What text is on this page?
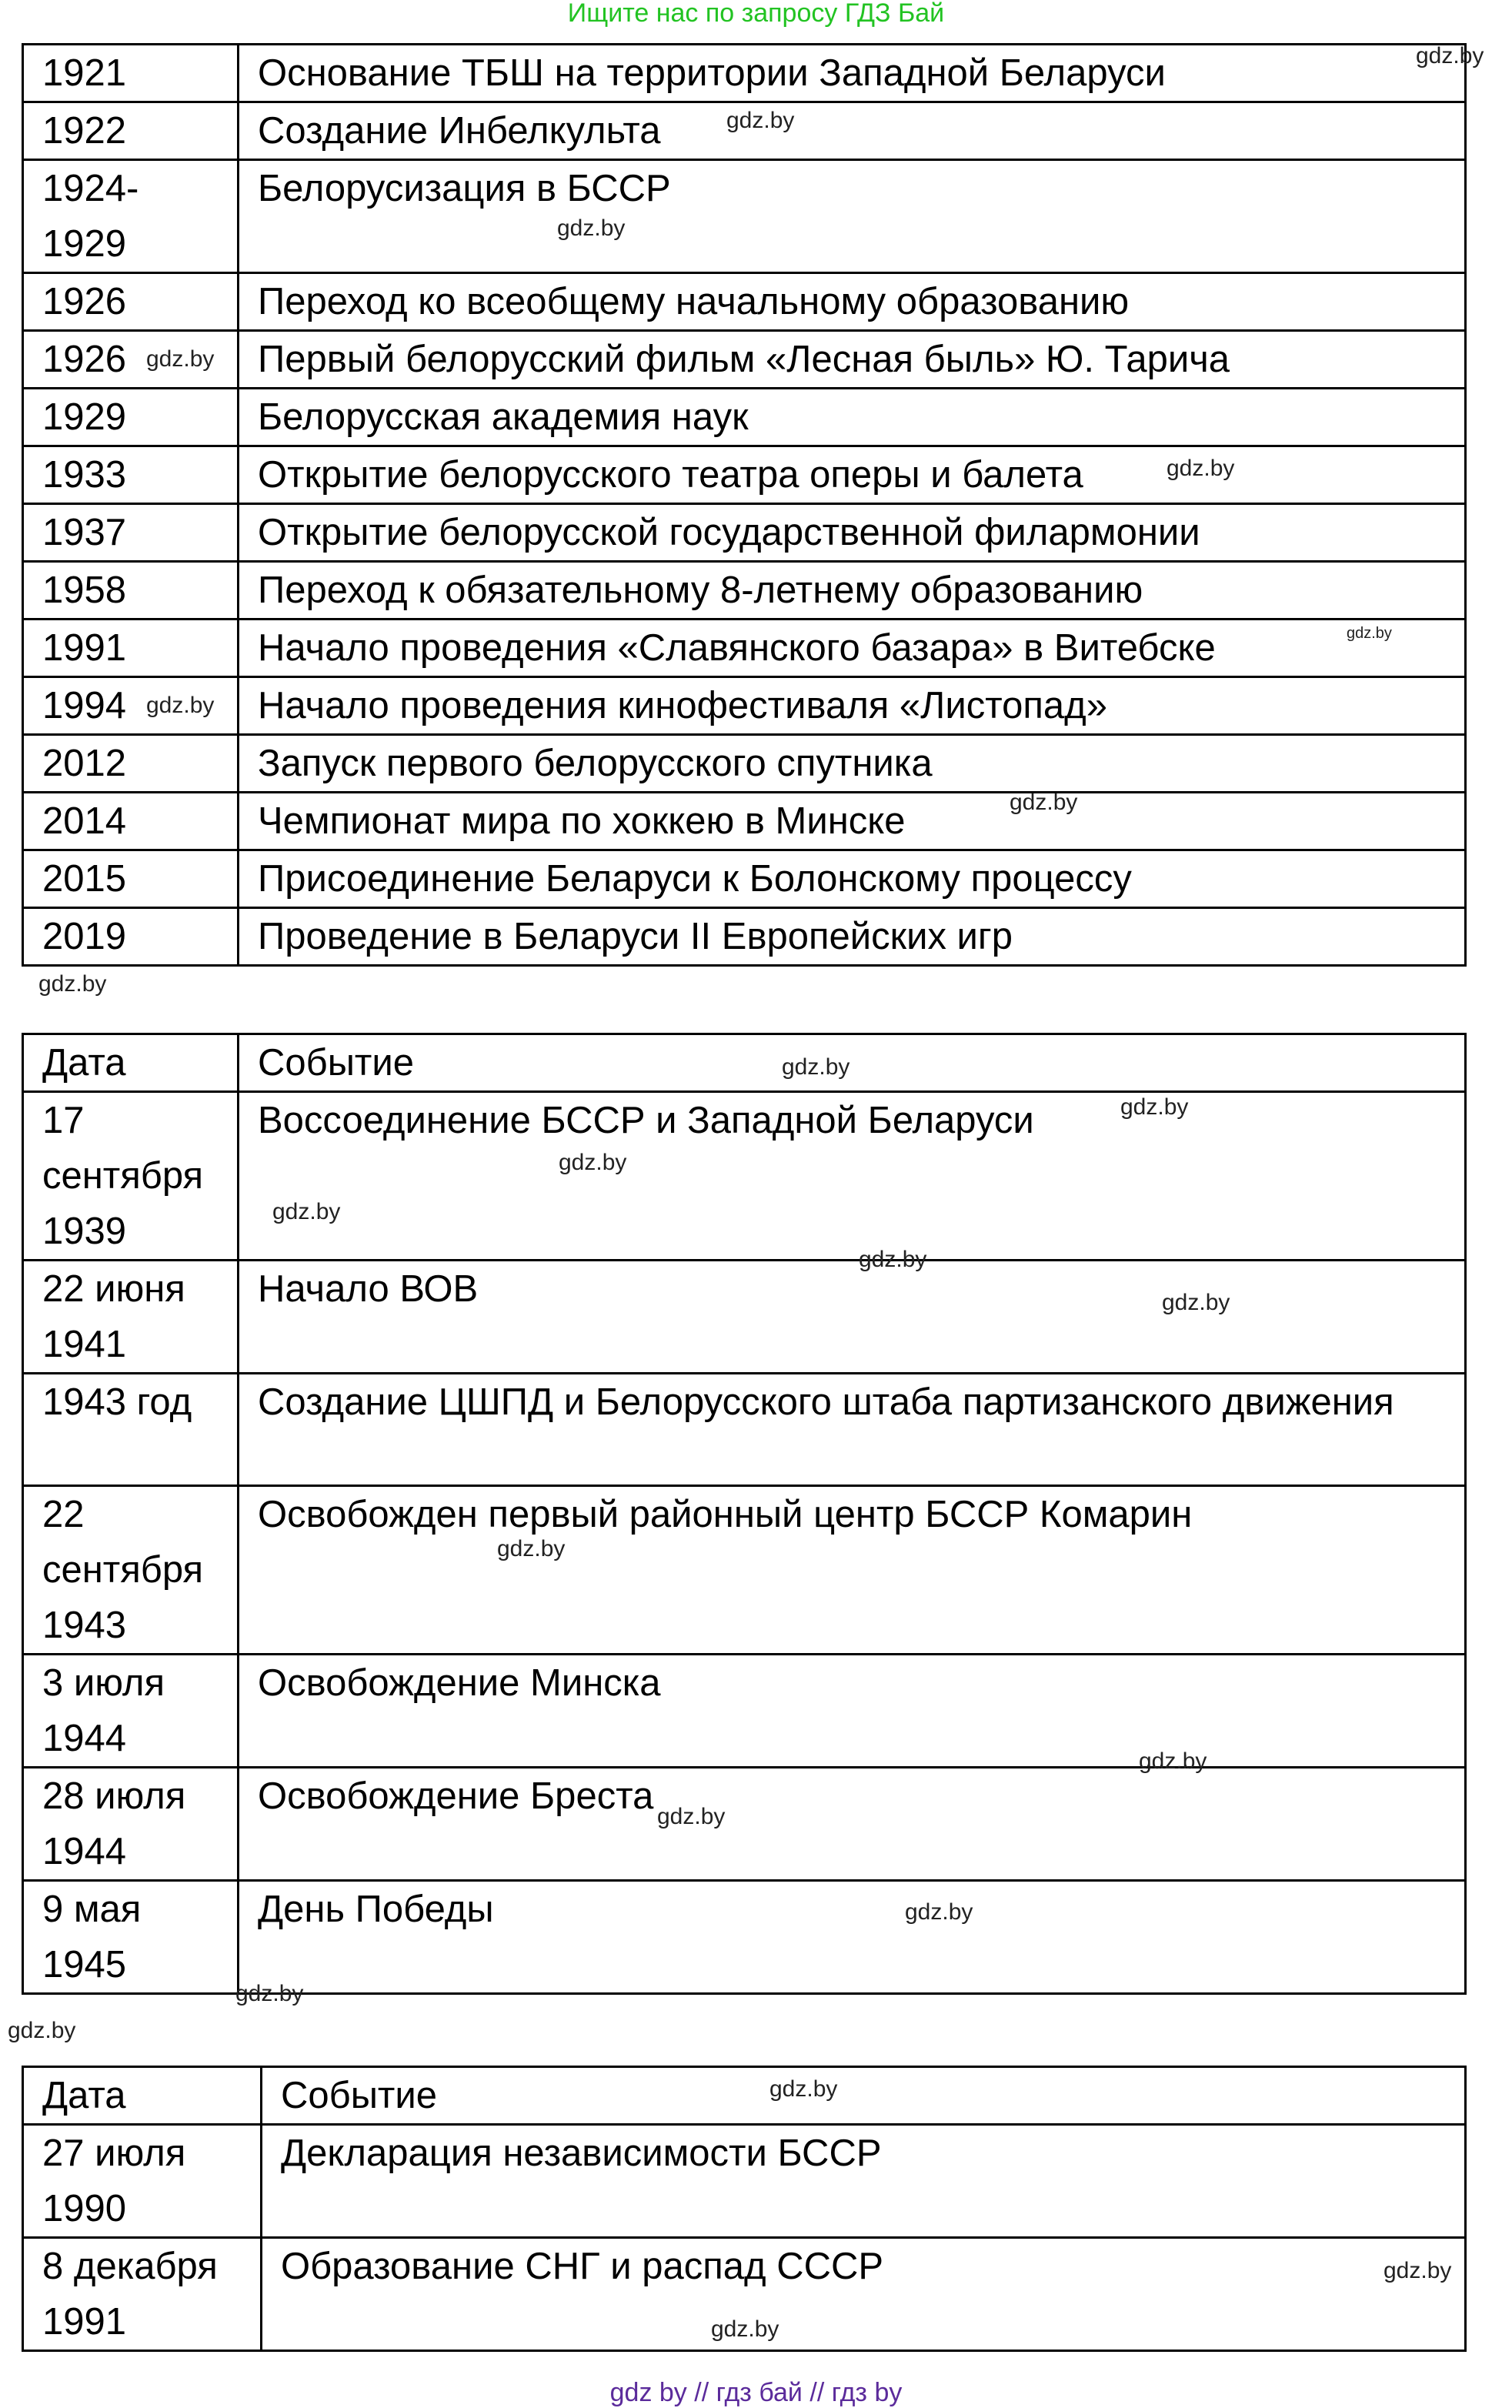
Ищите нас по запросу ГДЗ Бай
1921	Основание ТБШ на территории Западной Беларуси
1922	Создание Инбелкульта
1924-
1929	Белорусизация в БССР
1926	Переход ко всеобщему начальному образованию
1926	Первый белорусский фильм «Лесная быль» Ю. Тарича
1929	Белорусская академия наук
1933	Открытие белорусского театра оперы и балета
1937	Открытие белорусской государственной филармонии
1958	Переход к обязательному 8-летнему образованию
1991	Начало проведения «Славянского базара» в Витебске
1994	Начало проведения кинофестиваля «Листопад»
2012	Запуск первого белорусского спутника
2014	Чемпионат мира по хоккею в Минске
2015	Присоединение Беларуси к Болонскому процессу
2019	Проведение в Беларуси II Европейских игр
Дата	Событие
17
сентября
1939	Воссоединение БССР и Западной Беларуси
22 июня
1941	Начало ВОВ
1943 год	Создание ЦШПД и Белорусского штаба партизанского движения
22
сентября
1943	Освобожден первый районный центр БССР Комарин
3 июля
1944	Освобождение Минска
28 июля
1944	Освобождение Бреста
9 мая
1945	День Победы
Дата	Событие
27 июля
1990	Декларация независимости БССР
8 декабря
1991	Образование СНГ и распад СССР
gdz.by
gdz.by
gdz.by
gdz.by
gdz.by
gdz.by
gdz.by
gdz.by
gdz.by
gdz.by
gdz.by
gdz.by
gdz.by
gdz.by
gdz.by
gdz.by
gdz.by
gdz.by
gdz.by
gdz.by
gdz.by
gdz.by
gdz.by
gdz.by
gdz by // гдз бай // гдз by
